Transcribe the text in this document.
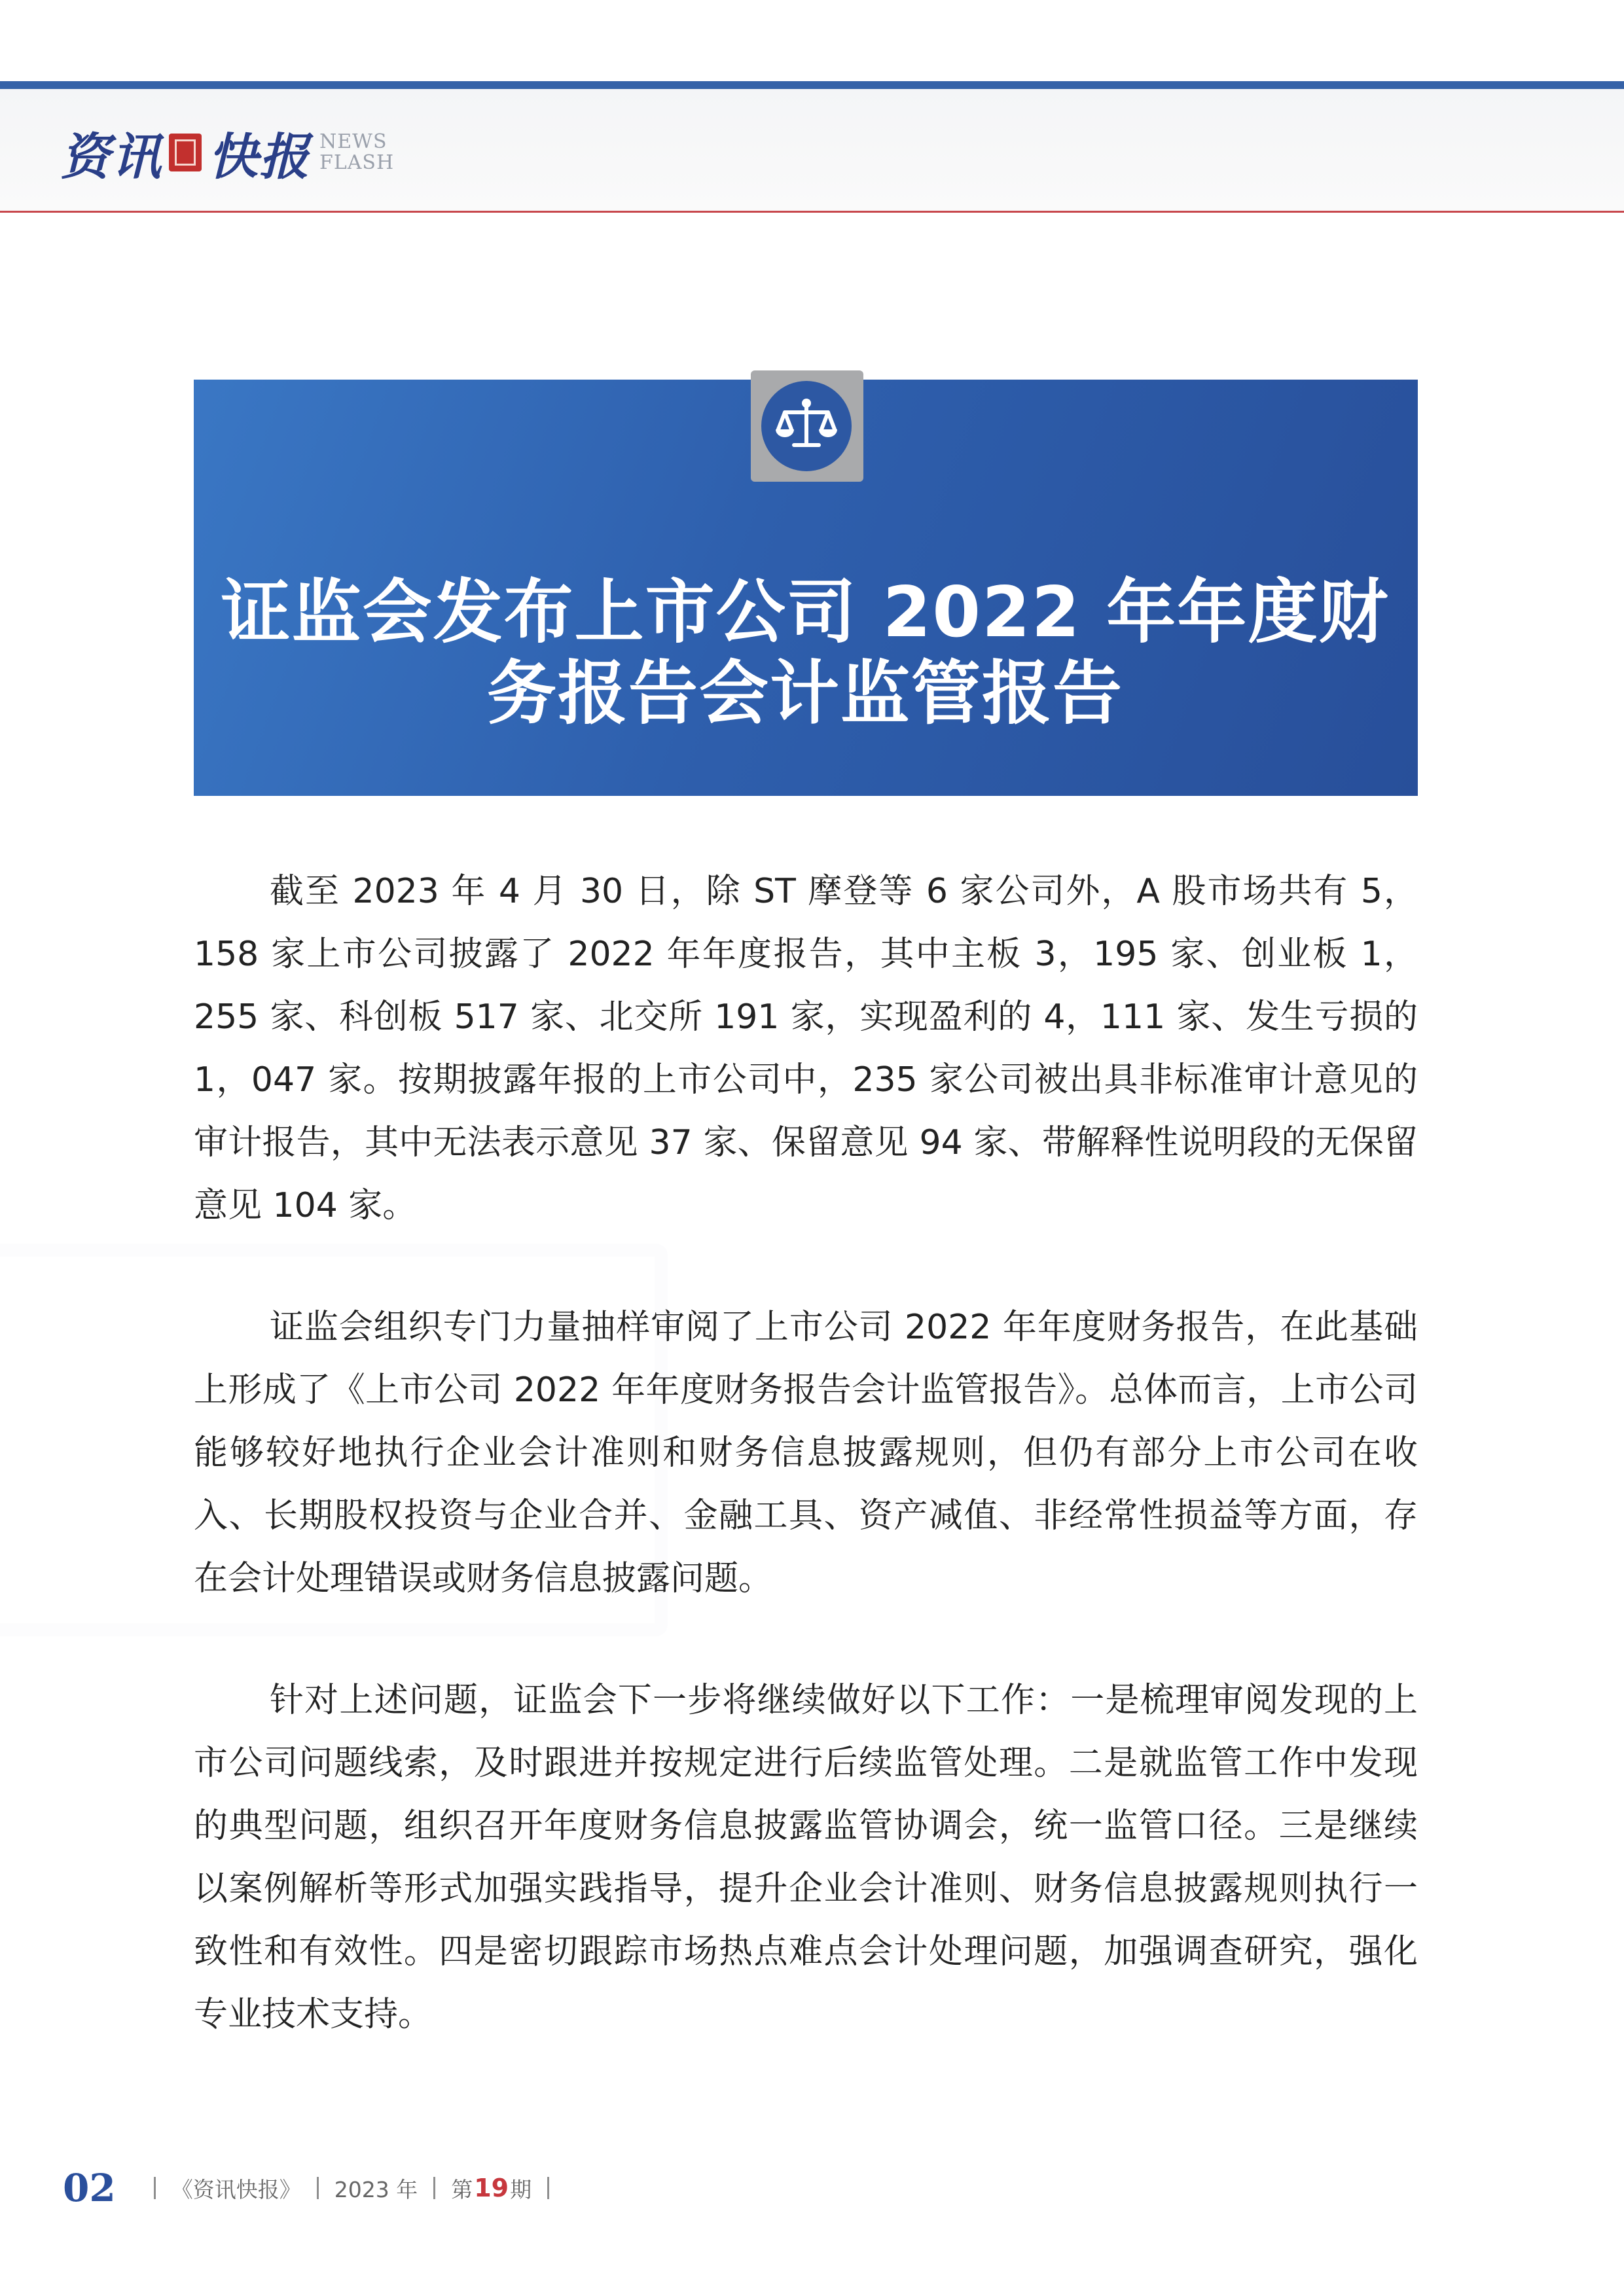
资讯 快报 NEWS
FLASH
证监会发布上市公司 2022 年年度财
务报告会计监管报告

截至 2023 年 4 月 30 日，除 ST 摩登等 6 家公司外，A 股市场共有 5，158 家上市公司披露了 2022 年年度报告，其中主板 3，195 家、创业板 1，255 家、科创板 517 家、北交所 191 家，实现盈利的 4，111 家、发生亏损的 1，047 家。按期披露年报的上市公司中，235 家公司被出具非标准审计意见的审计报告，其中无法表示意见 37 家、保留意见 94 家、带解释性说明段的无保留意见 104 家。

证监会组织专门力量抽样审阅了上市公司 2022 年年度财务报告，在此基础上形成了《上市公司 2022 年年度财务报告会计监管报告》。总体而言，上市公司能够较好地执行企业会计准则和财务信息披露规则，但仍有部分上市公司在收入、长期股权投资与企业合并、金融工具、资产减值、非经常性损益等方面，存在会计处理错误或财务信息披露问题。

针对上述问题，证监会下一步将继续做好以下工作：一是梳理审阅发现的上市公司问题线索，及时跟进并按规定进行后续监管处理。二是就监管工作中发现的典型问题，组织召开年度财务信息披露监管协调会，统一监管口径。三是继续以案例解析等形式加强实践指导，提升企业会计准则、财务信息披露规则执行一致性和有效性。四是密切跟踪市场热点难点会计处理问题，加强调查研究，强化专业技术支持。

02	《资讯快报》 2023 年 第 19 期
